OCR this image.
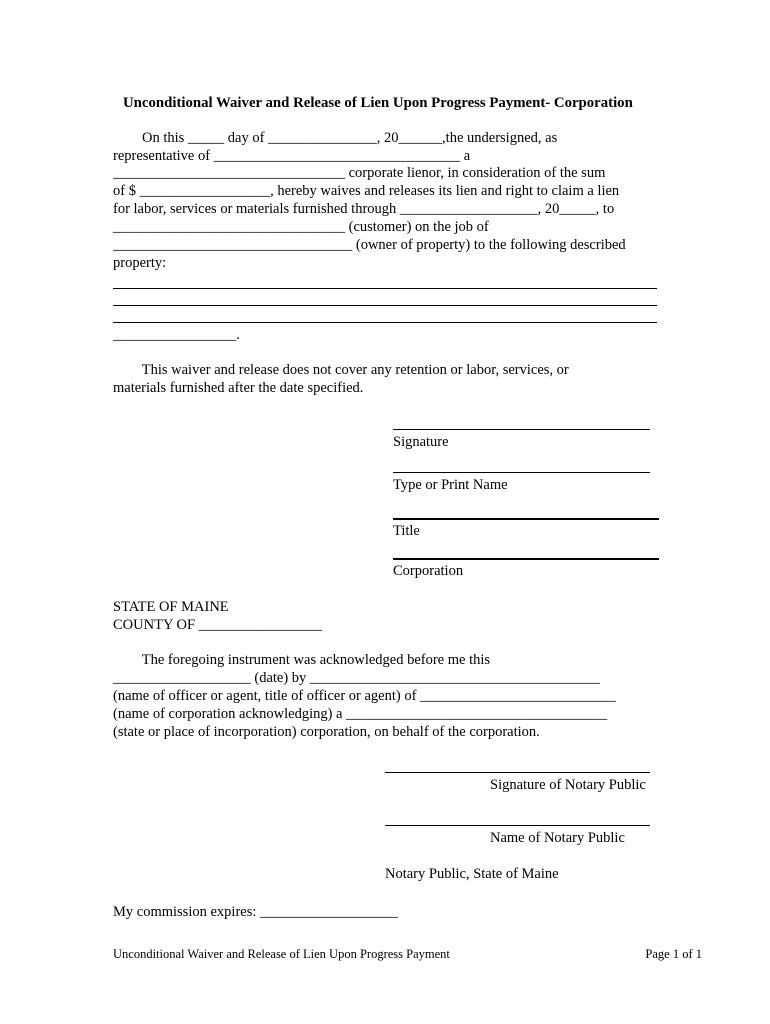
Unconditional Waiver and Release of Lien Upon Progress Payment- Corporation

On this _____ day of _______________, 20______,the undersigned, as

representative of __________________________________ a

________________________________ corporate lienor, in consideration of the sum

of $ __________________, hereby waives and releases its lien and right to claim a lien

for labor, services or materials furnished through ___________________, 20_____, to

________________________________ (customer) on the job of

_________________________________ (owner of property) to the following described

property:

_________________.

This waiver and release does not cover any retention or labor, services, or

materials furnished after the date specified.

Signature

Type or Print Name

Title

Corporation

STATE OF MAINE

COUNTY OF _________________

The foregoing instrument was acknowledged before me this

___________________ (date) by ________________________________________

(name of officer or agent, title of officer or agent) of ___________________________

(name of corporation acknowledging) a ____________________________________

(state or place of incorporation) corporation, on behalf of the corporation.

Signature of Notary Public

Name of Notary Public

Notary Public, State of Maine

My commission expires: ___________________

Unconditional Waiver and Release of Lien Upon Progress Payment	Page 1 of 1
